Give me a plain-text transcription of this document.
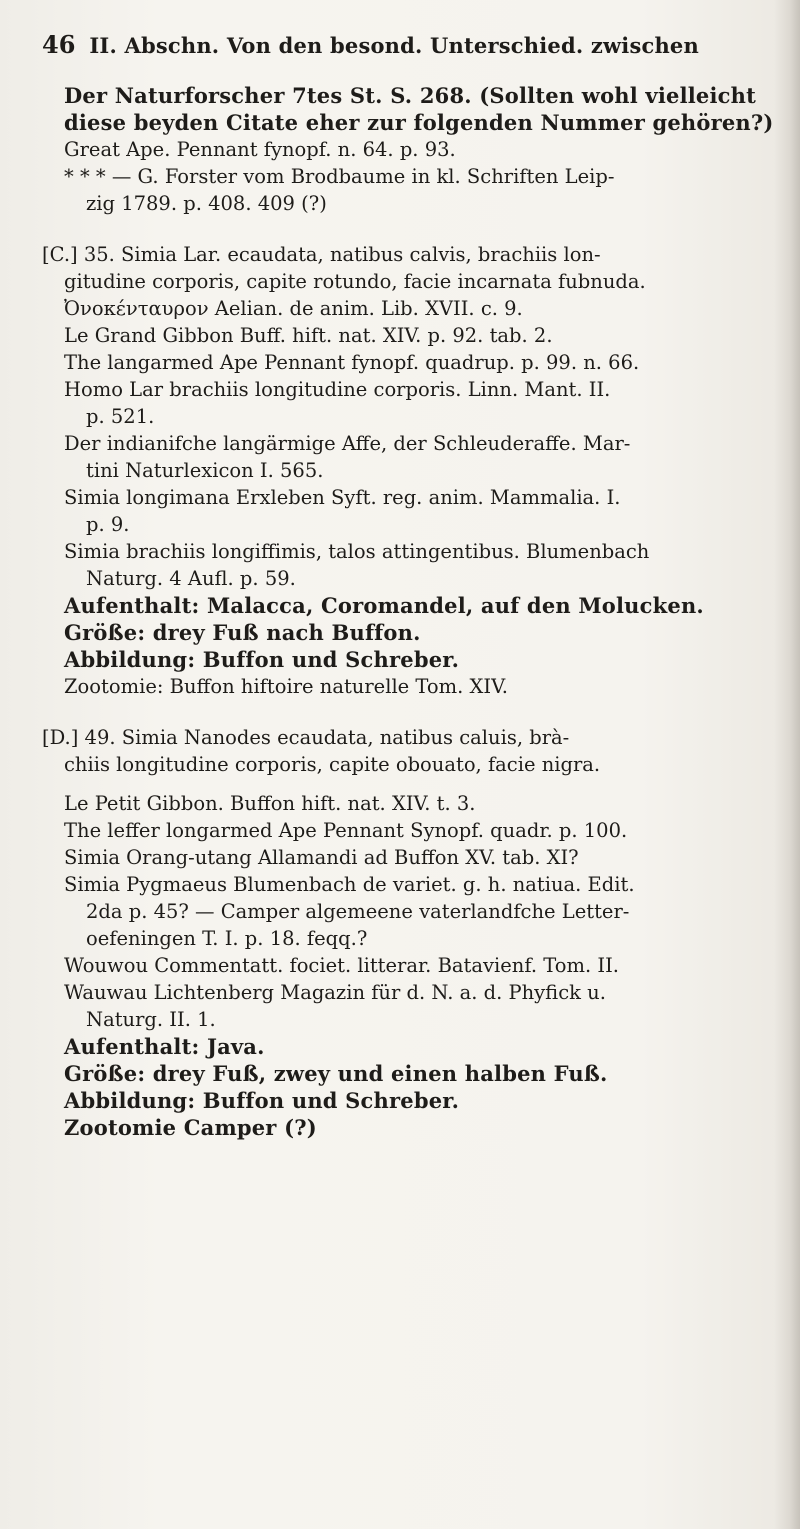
46 II. Abschn. Von den besond. Unterschied. zwischen
Der Naturforscher 7tes St. S. 268. (Sollten wohl vielleicht
diese beyden Citate eher zur folgenden Nummer gehören?)
Great Ape. Pennant fynopf. n. 64. p. 93.
* * * — G. Forster vom Brodbaume in kl. Schriften Leip-
zig 1789. p. 408. 409 (?)
[C.] 35. Simia Lar. ecaudata, natibus calvis, brachiis lon-
gitudine corporis, capite rotundo, facie incarnata fubnuda.
Ὀνοκένταυρον Aelian. de anim. Lib. XVII. c. 9.
Le Grand Gibbon Buff. hift. nat. XIV. p. 92. tab. 2.
The langarmed Ape Pennant fynopf. quadrup. p. 99. n. 66.
Homo Lar brachiis longitudine corporis. Linn. Mant. II.
p. 521.
Der indianifche langärmige Affe, der Schleuderaffe. Mar-
tini Naturlexicon I. 565.
Simia longimana Erxleben Syft. reg. anim. Mammalia. I.
p. 9.
Simia brachiis longiffimis, talos attingentibus. Blumenbach
Naturg. 4 Aufl. p. 59.
Aufenthalt: Malacca, Coromandel, auf den Molucken.
Größe: drey Fuß nach Buffon.
Abbildung: Buffon und Schreber.
Zootomie: Buffon hiftoire naturelle Tom. XIV.
[D.] 49. Simia Nanodes ecaudata, natibus caluis, brà-
chiis longitudine corporis, capite obouato, facie nigra.
Le Petit Gibbon. Buffon hift. nat. XIV. t. 3.
The leffer longarmed Ape Pennant Synopf. quadr. p. 100.
Simia Orang-utang Allamandi ad Buffon XV. tab. XI?
Simia Pygmaeus Blumenbach de variet. g. h. natiua. Edit.
2da p. 45? — Camper algemeene vaterlandfche Letter-
oefeningen T. I. p. 18. feqq.?
Wouwou Commentatt. fociet. litterar. Batavienf. Tom. II.
Wauwau Lichtenberg Magazin für d. N. a. d. Phyfick u.
Naturg. II. 1.
Aufenthalt: Java.
Größe: drey Fuß, zwey und einen halben Fuß.
Abbildung: Buffon und Schreber.
Zootomie Camper (?)
